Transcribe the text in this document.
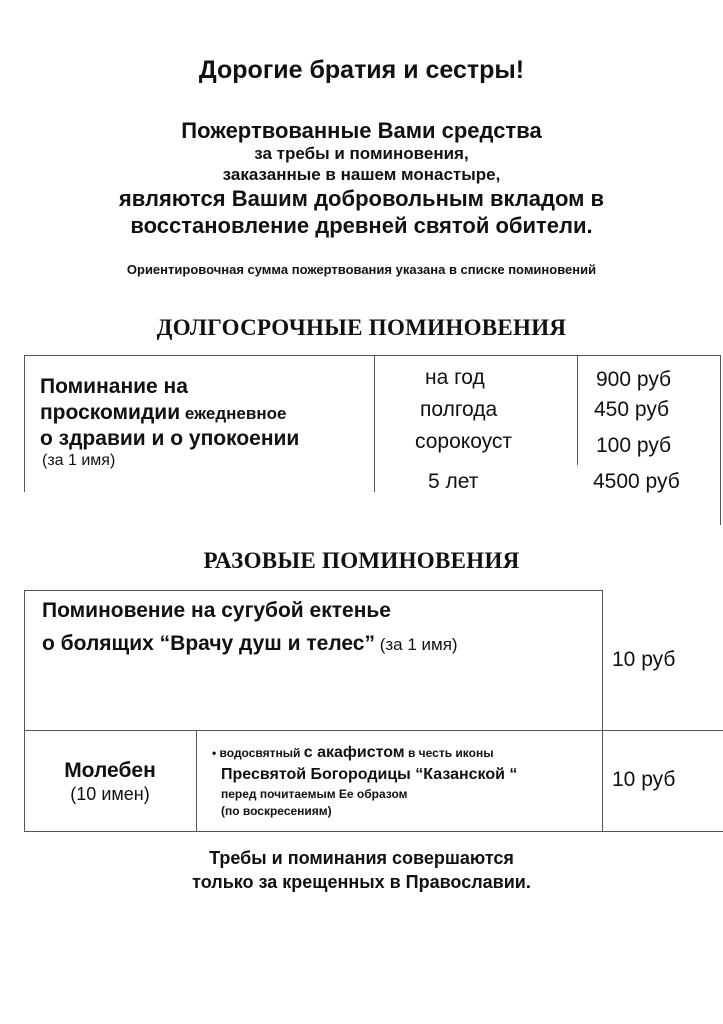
Дорогие братия и сестры!
Пожертвованные Вами средства
за требы и поминовения,
заказанные в нашем монастыре,
являются Вашим добровольным вкладом в
восстановление древней святой обители.
Ориентировочная сумма пожертвования указана в списке поминовений
ДОЛГОСРОЧНЫЕ ПОМИНОВЕНИЯ
Поминание на
проскомидии ежедневное
о здравии и о упокоении
(за 1 имя)
на год
полгода
сорокоуст
5 лет
900 руб
450 руб
100 руб
4500 руб
РАЗОВЫЕ ПОМИНОВЕНИЯ
Поминовение на сугубой ектенье
о болящих “Врачу душ и телес” (за 1 имя)
10 руб
Молебен
(10 имен)
• водосвятный с акафистом в честь иконы
Пресвятой Богородицы “Казанской “
перед почитаемым Ее образом
(по воскресениям)
10 руб
Требы и поминания совершаются
только за крещенных в Православии.
